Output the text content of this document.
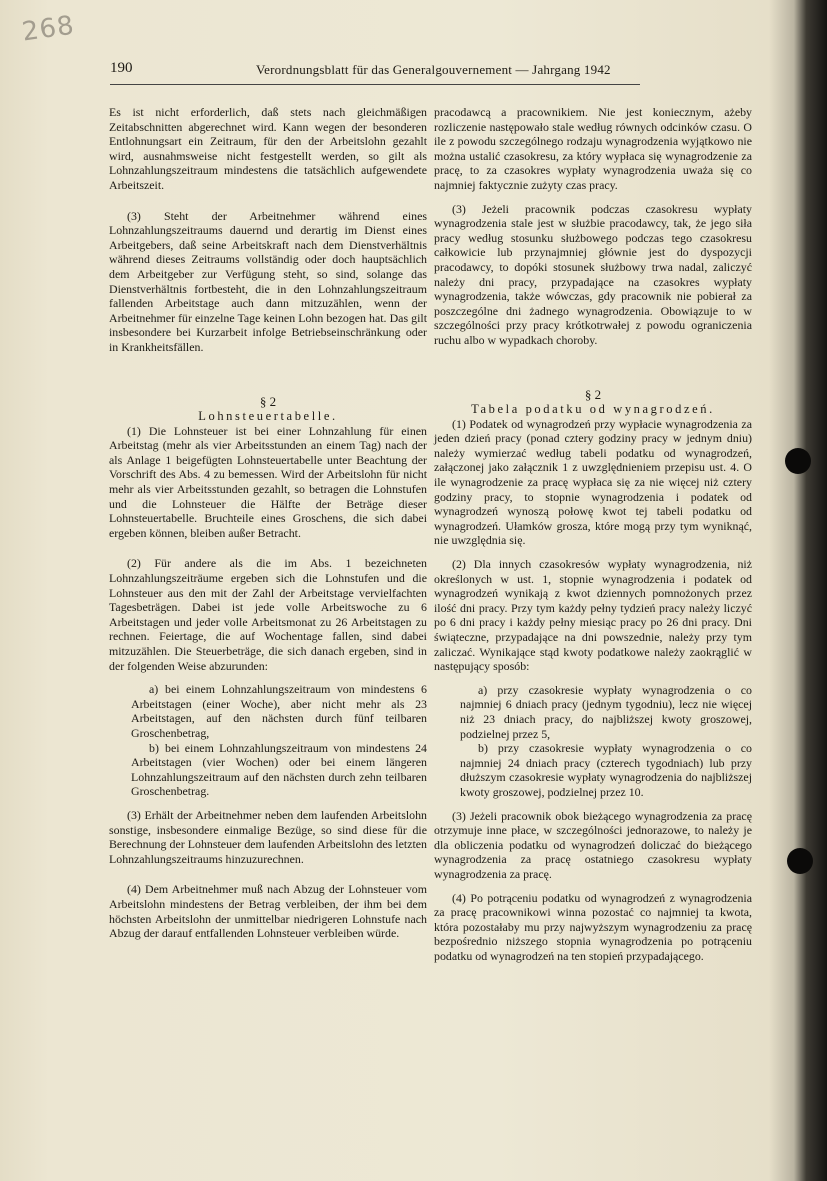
268
190	Verordnungsblatt für das Generalgouvernement — Jahrgang 1942

Es ist nicht erforderlich, daß stets nach gleichmäßigen Zeitabschnitten abgerechnet wird. Kann wegen der besonderen Entlohnungsart ein Zeitraum, für den der Arbeitslohn gezahlt wird, ausnahmsweise nicht festgestellt werden, so gilt als Lohnzahlungszeitraum mindestens die tatsächlich aufgewendete Arbeitszeit.

(3) Steht der Arbeitnehmer während eines Lohnzahlungszeitraums dauernd und derartig im Dienst eines Arbeitgebers, daß seine Arbeitskraft nach dem Dienstverhältnis während dieses Zeitraums vollständig oder doch hauptsächlich dem Arbeitgeber zur Verfügung steht, so sind, solange das Dienstverhältnis fortbesteht, die in den Lohnzahlungszeitraum fallenden Arbeitstage auch dann mitzuzählen, wenn der Arbeitnehmer für einzelne Tage keinen Lohn bezogen hat. Das gilt insbesondere bei Kurzarbeit infolge Betriebseinschränkung oder in Krankheitsfällen.

§ 2

Lohnsteuertabelle.

(1) Die Lohnsteuer ist bei einer Lohnzahlung für einen Arbeitstag (mehr als vier Arbeitsstunden an einem Tag) nach der als Anlage 1 beigefügten Lohnsteuertabelle unter Beachtung der Vorschrift des Abs. 4 zu bemessen. Wird der Arbeitslohn für nicht mehr als vier Arbeitsstunden gezahlt, so betragen die Lohnstufen und die Lohnsteuer die Hälfte der Beträge dieser Lohnsteuertabelle. Bruchteile eines Groschens, die sich dabei ergeben können, bleiben außer Betracht.

(2) Für andere als die im Abs. 1 bezeichneten Lohnzahlungszeiträume ergeben sich die Lohnstufen und die Lohnsteuer aus den mit der Zahl der Arbeitstage vervielfachten Tagesbeträgen. Dabei ist jede volle Arbeitswoche zu 6 Arbeitstagen und jeder volle Arbeitsmonat zu 26 Arbeitstagen zu rechnen. Feiertage, die auf Wochentage fallen, sind dabei mitzuzählen. Die Steuerbeträge, die sich danach ergeben, sind in der folgenden Weise abzurunden:

a) bei einem Lohnzahlungszeitraum von mindestens 6 Arbeitstagen (einer Woche), aber nicht mehr als 23 Arbeitstagen, auf den nächsten durch fünf teilbaren Groschenbetrag,

b) bei einem Lohnzahlungszeitraum von mindestens 24 Arbeitstagen (vier Wochen) oder bei einem längeren Lohnzahlungszeitraum auf den nächsten durch zehn teilbaren Groschenbetrag.

(3) Erhält der Arbeitnehmer neben dem laufenden Arbeitslohn sonstige, insbesondere einmalige Bezüge, so sind diese für die Berechnung der Lohnsteuer dem laufenden Arbeitslohn des letzten Lohnzahlungszeitraums hinzuzurechnen.

(4) Dem Arbeitnehmer muß nach Abzug der Lohnsteuer vom Arbeitslohn mindestens der Betrag verbleiben, der ihm bei dem höchsten Arbeitslohn der unmittelbar niedrigeren Lohnstufe nach Abzug der darauf entfallenden Lohnsteuer verbleiben würde.

pracodawcą a pracownikiem. Nie jest koniecznym, ażeby rozliczenie następowało stale według równych odcinków czasu. O ile z powodu szczególnego rodzaju wynagrodzenia wyjątkowo nie można ustalić czasokresu, za który wypłaca się wynagrodzenie za pracę, to za czasokres wypłaty wynagrodzenia uważa się co najmniej faktycznie zużyty czas pracy.

(3) Jeżeli pracownik podczas czasokresu wypłaty wynagrodzenia stale jest w służbie pracodawcy, tak, że jego siła pracy według stosunku służbowego podczas tego czasokresu całkowicie lub przynajmniej głównie jest do dyspozycji pracodawcy, to dopóki stosunek służbowy trwa nadal, zaliczyć należy dni pracy, przypadające na czasokres wypłaty wynagrodzenia, także wówczas, gdy pracownik nie pobierał za poszczególne dni żadnego wynagrodzenia. Obowiązuje to w szczególności przy pracy krótkotrwałej z powodu ograniczenia ruchu albo w wypadkach choroby.

§ 2

Tabela podatku od wynagrodzeń.

(1) Podatek od wynagrodzeń przy wypłacie wynagrodzenia za jeden dzień pracy (ponad cztery godziny pracy w jednym dniu) należy wymierzać według tabeli podatku od wynagrodzeń, załączonej jako załącznik 1 z uwzględnieniem przepisu ust. 4. O ile wynagrodzenie za pracę wypłaca się za nie więcej niż cztery godziny pracy, to stopnie wynagrodzenia i podatek od wynagrodzeń wynoszą połowę kwot tej tabeli podatku od wynagrodzeń. Ułamków grosza, które mogą przy tym wyniknąć, nie uwzględnia się.

(2) Dla innych czasokresów wypłaty wynagrodzenia, niż określonych w ust. 1, stopnie wynagrodzenia i podatek od wynagrodzeń wynikają z kwot dziennych pomnożonych przez ilość dni pracy. Przy tym każdy pełny tydzień pracy należy liczyć po 6 dni pracy i każdy pełny miesiąc pracy po 26 dni pracy. Dni świąteczne, przypadające na dni powszednie, należy przy tym zaliczać. Wynikające stąd kwoty podatkowe należy zaokrąglić w następujący sposób:

a) przy czasokresie wypłaty wynagrodzenia o co najmniej 6 dniach pracy (jednym tygodniu), lecz nie więcej niż 23 dniach pracy, do najbliższej kwoty groszowej, podzielnej przez 5,

b) przy czasokresie wypłaty wynagrodzenia o co najmniej 24 dniach pracy (czterech tygodniach) lub przy dłuższym czasokresie wypłaty wynagrodzenia do najbliższej kwoty groszowej, podzielnej przez 10.

(3) Jeżeli pracownik obok bieżącego wynagrodzenia za pracę otrzymuje inne płace, w szczególności jednorazowe, to należy je dla obliczenia podatku od wynagrodzeń doliczać do bieżącego wynagrodzenia za pracę ostatniego czasokresu wypłaty wynagrodzenia za pracę.

(4) Po potrąceniu podatku od wynagrodzeń z wynagrodzenia za pracę pracownikowi winna pozostać co najmniej ta kwota, która pozostałaby mu przy najwyższym wynagrodzeniu za pracę bezpośrednio niższego stopnia wynagrodzenia po potrąceniu podatku od wynagrodzeń na ten stopień przypadającego.
